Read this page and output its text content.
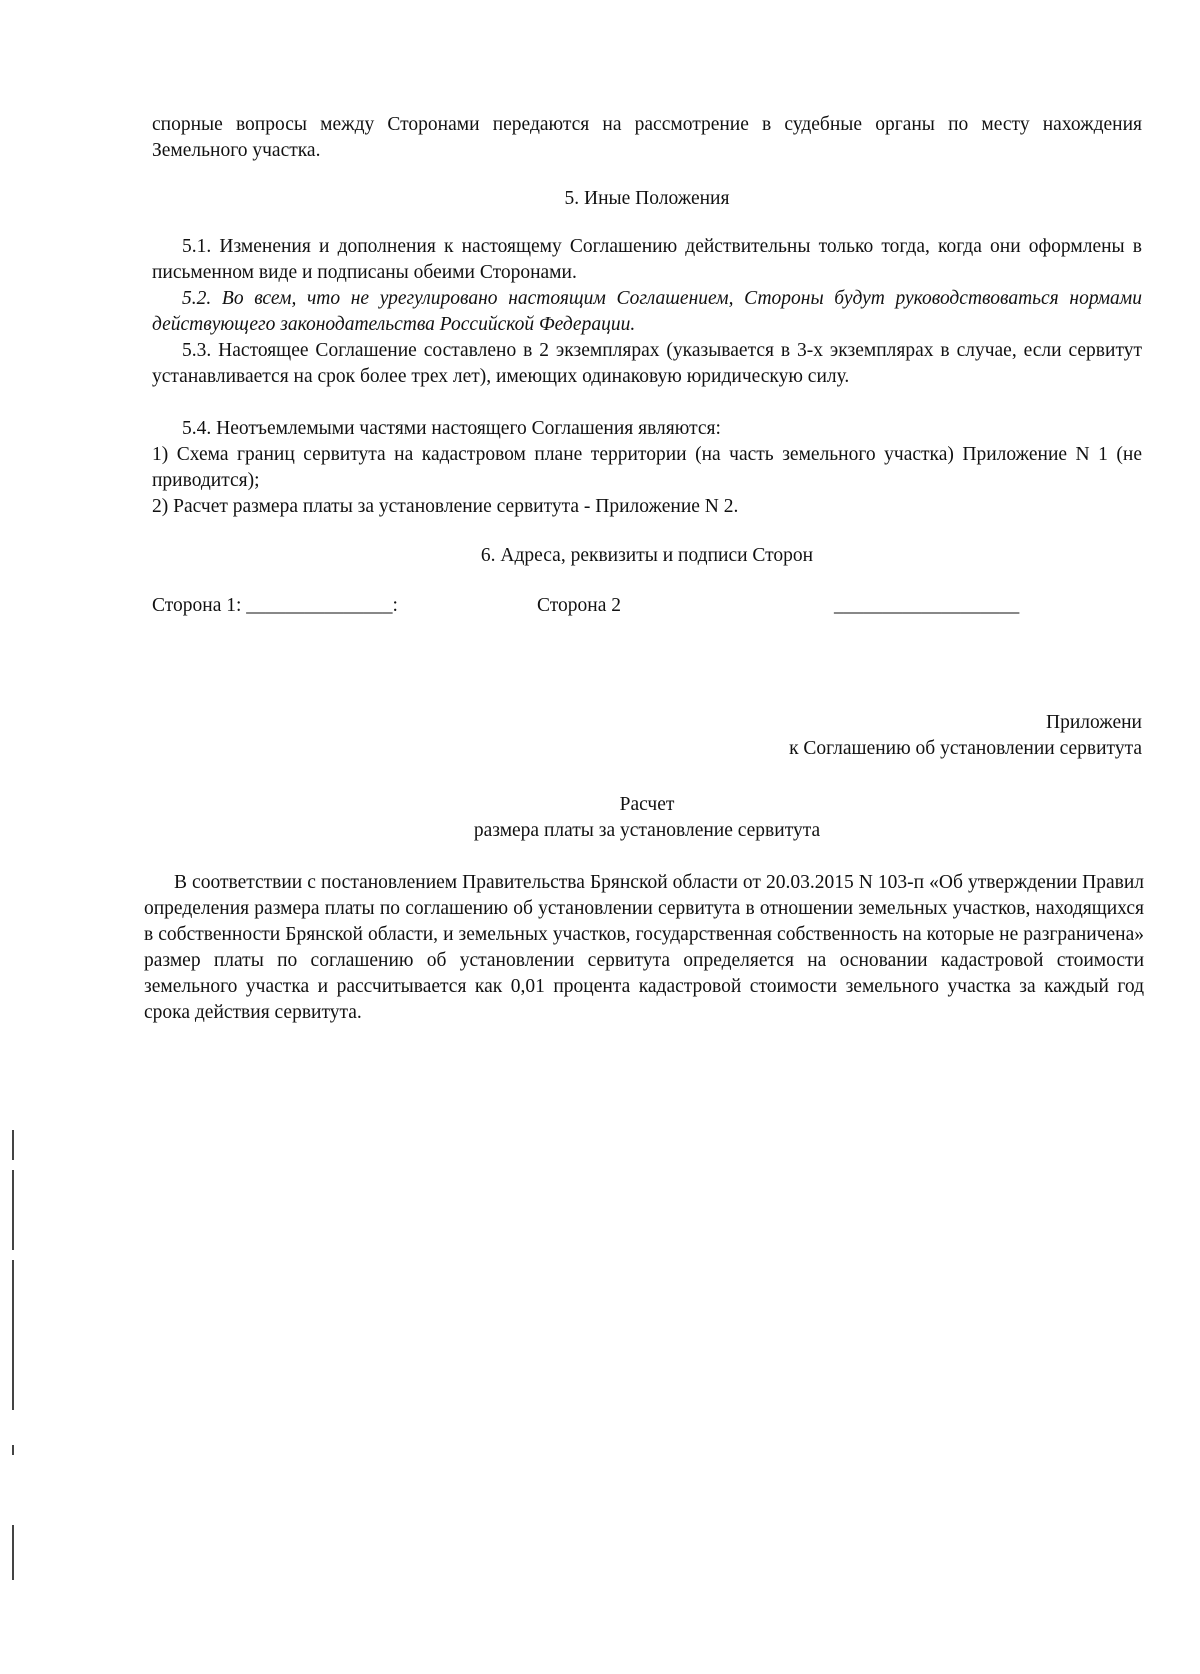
спорные вопросы между Сторонами передаются на рассмотрение в судебные органы по месту нахождения Земельного участка.

5. Иные Положения

5.1. Изменения и дополнения к настоящему Соглашению действительны только тогда, когда они оформлены в письменном виде и подписаны обеими Сторонами.

5.2. Во всем, что не урегулировано настоящим Соглашением, Стороны будут руководствоваться нормами действующего законодательства Российской Федерации.

5.3. Настоящее Соглашение составлено в 2 экземплярах (указывается в 3-х экземплярах в случае, если сервитут устанавливается на срок более трех лет), имеющих одинаковую юридическую силу.

5.4. Неотъемлемыми частями настоящего Соглашения являются:

1) Схема границ сервитута на кадастровом плане территории (на часть земельного участка) Приложение N 1 (не приводится);

2) Расчет размера платы за установление сервитута - Приложение N 2.

6. Адреса, реквизиты и подписи Сторон

Сторона 1: _______________:	Сторона 2	___________________

Приложени

к Соглашению об установлении сервитута

Расчет

размера платы за установление сервитута

В соответствии с постановлением Правительства Брянской области от 20.03.2015 N 103-п «Об утверждении Правил определения размера платы по соглашению об установлении сервитута в отношении земельных участков, находящихся в собственности Брянской области, и земельных участков, государственная собственность на которые не разграничена» размер платы по соглашению об установлении сервитута определяется на основании кадастровой стоимости земельного участка и рассчитывается как 0,01 процента кадастровой стоимости земельного участка за каждый год срока действия сервитута.
